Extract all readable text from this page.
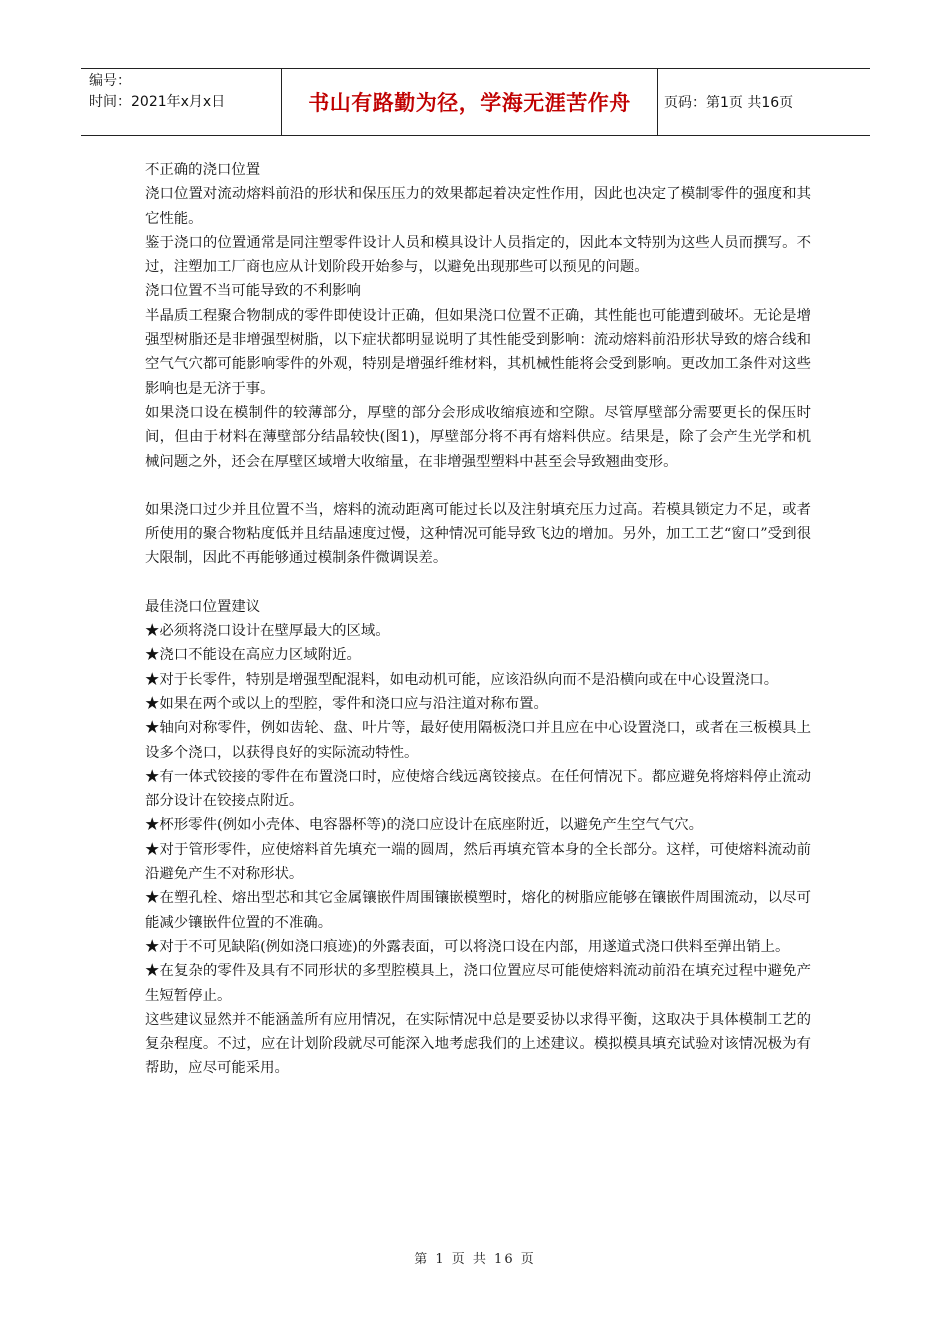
编号：
时间：2021年x月x日	书山有路勤为径，学海无涯苦作舟	页码：第1页 共16页

不正确的浇口位置

浇口位置对流动熔料前沿的形状和保压压力的效果都起着决定性作用，因此也决定了模制零件的强度和其它性能。

鉴于浇口的位置通常是同注塑零件设计人员和模具设计人员指定的，因此本文特别为这些人员而撰写。不过，注塑加工厂商也应从计划阶段开始参与，以避免出现那些可以预见的问题。

浇口位置不当可能导致的不利影响

半晶质工程聚合物制成的零件即使设计正确，但如果浇口位置不正确，其性能也可能遭到破坏。无论是增强型树脂还是非增强型树脂，以下症状都明显说明了其性能受到影响：流动熔料前沿形状导致的熔合线和空气气穴都可能影响零件的外观，特别是增强纤维材料，其机械性能将会受到影响。更改加工条件对这些影响也是无济于事。

如果浇口设在模制件的较薄部分，厚壁的部分会形成收缩痕迹和空隙。尽管厚壁部分需要更长的保压时间，但由于材料在薄壁部分结晶较快(图1)，厚壁部分将不再有熔料供应。结果是，除了会产生光学和机械问题之外，还会在厚壁区域增大收缩量，在非增强型塑料中甚至会导致翘曲变形。

如果浇口过少并且位置不当，熔料的流动距离可能过长以及注射填充压力过高。若模具锁定力不足，或者所使用的聚合物粘度低并且结晶速度过慢，这种情况可能导致飞边的增加。另外，加工工艺“窗口”受到很大限制，因此不再能够通过模制条件微调误差。

最佳浇口位置建议

★必须将浇口设计在壁厚最大的区域。

★浇口不能设在高应力区域附近。

★对于长零件，特别是增强型配混料，如电动机可能，应该沿纵向而不是沿横向或在中心设置浇口。

★如果在两个或以上的型腔，零件和浇口应与沿注道对称布置。

★轴向对称零件，例如齿轮、盘、叶片等，最好使用隔板浇口并且应在中心设置浇口，或者在三板模具上设多个浇口，以获得良好的实际流动特性。

★有一体式铰接的零件在布置浇口时，应使熔合线远离铰接点。在任何情况下。都应避免将熔料停止流动部分设计在铰接点附近。

★杯形零件(例如小壳体、电容器杯等)的浇口应设计在底座附近，以避免产生空气气穴。

★对于管形零件，应使熔料首先填充一端的圆周，然后再填充管本身的全长部分。这样，可使熔料流动前沿避免产生不对称形状。

★在塑孔栓、熔出型芯和其它金属镶嵌件周围镶嵌模塑时，熔化的树脂应能够在镶嵌件周围流动，以尽可能减少镶嵌件位置的不准确。

★对于不可见缺陷(例如浇口痕迹)的外露表面，可以将浇口设在内部，用遂道式浇口供料至弹出销上。

★在复杂的零件及具有不同形状的多型腔模具上，浇口位置应尽可能使熔料流动前沿在填充过程中避免产生短暂停止。

这些建议显然并不能涵盖所有应用情况，在实际情况中总是要妥协以求得平衡，这取决于具体模制工艺的复杂程度。不过，应在计划阶段就尽可能深入地考虑我们的上述建议。模拟模具填充试验对该情况极为有帮助，应尽可能采用。

第 1 页 共 16 页
